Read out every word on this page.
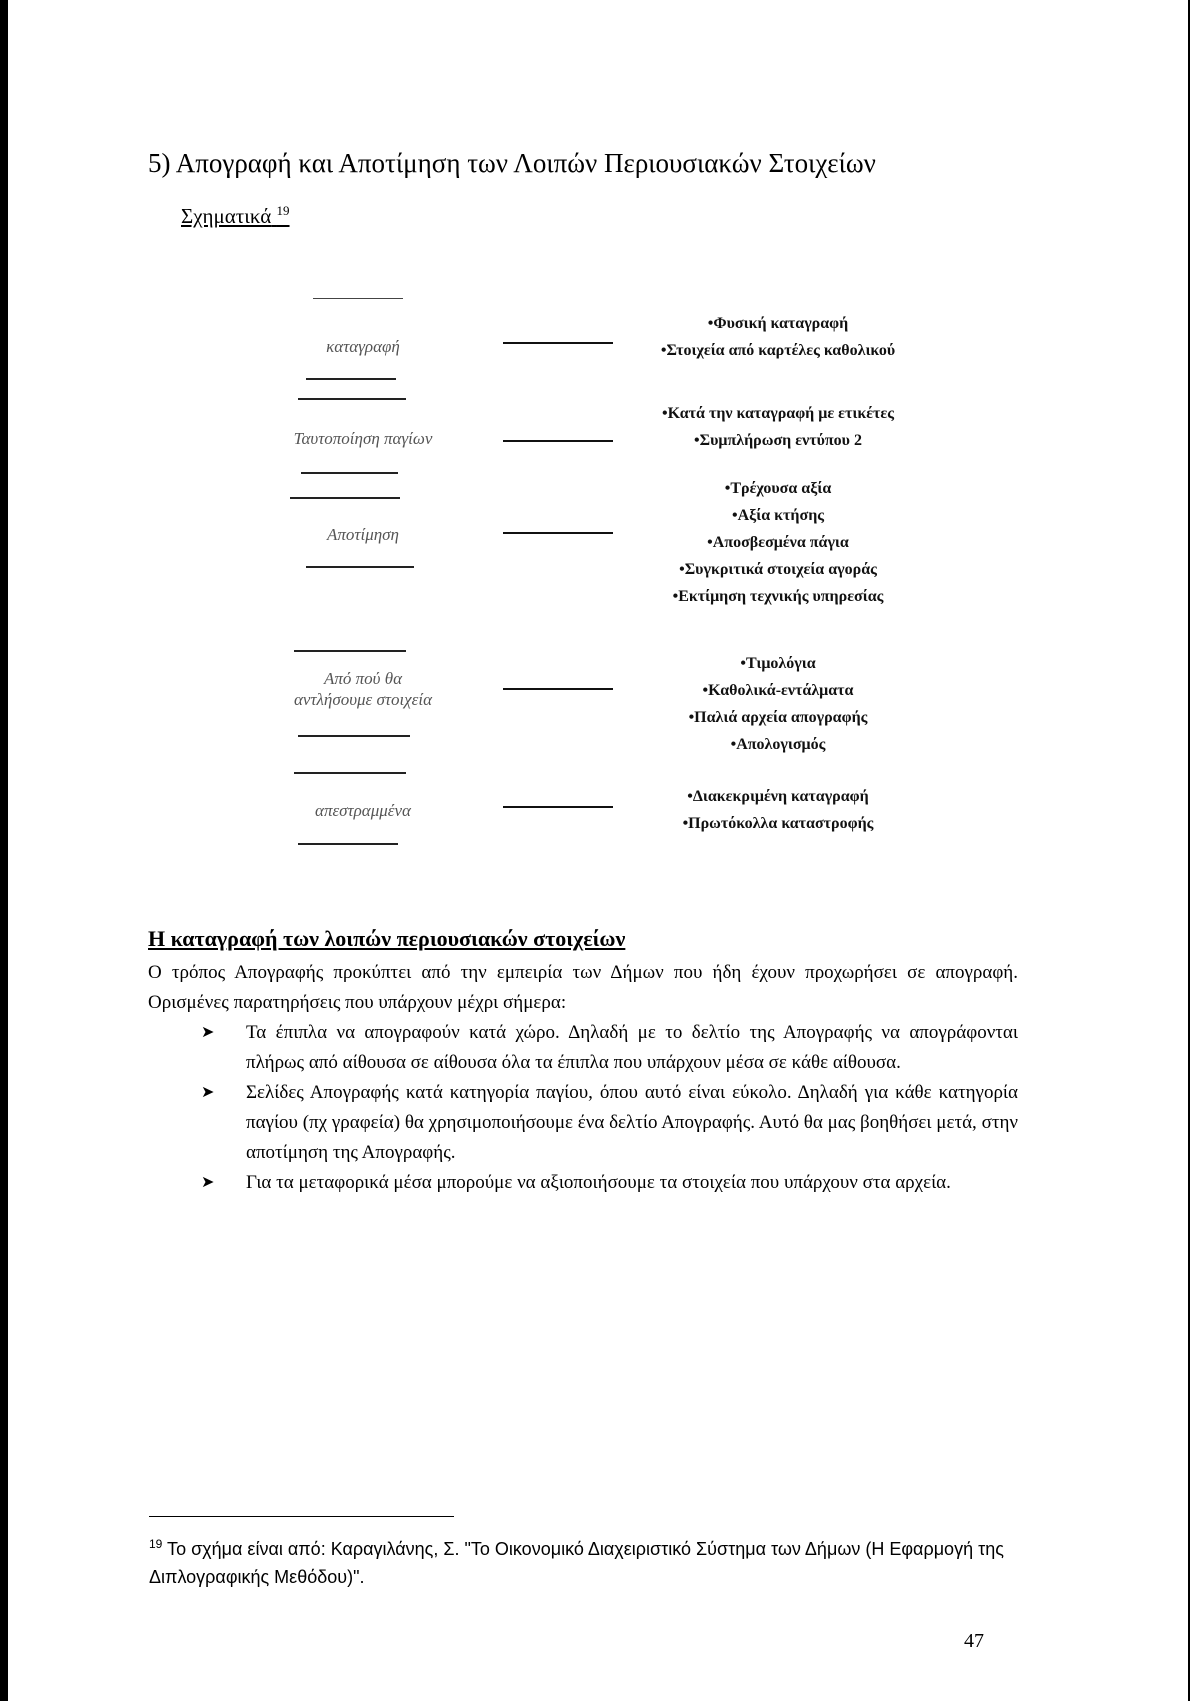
5) Απογραφή και Αποτίμηση των Λοιπών Περιουσιακών Στοιχείων
Σχηματικά $^{19}$
καταγραφή
Ταυτοποίηση παγίων
Αποτίμηση
Από πού θα
αντλήσουμε στοιχεία
απεστραμμένα
•Φυσική καταγραφή
•Στοιχεία από καρτέλες καθολικού
•Κατά την καταγραφή με ετικέτες
•Συμπλήρωση εντύπου 2
•Τρέχουσα αξία
•Αξία κτήσης
•Αποσβεσμένα πάγια
•Συγκριτικά στοιχεία αγοράς
•Εκτίμηση τεχνικής υπηρεσίας
•Τιμολόγια
•Καθολικά-εντάλματα
•Παλιά αρχεία απογραφής
•Απολογισμός
•Διακεκριμένη καταγραφή
•Πρωτόκολλα καταστροφής
Η καταγραφή των λοιπών περιουσιακών στοιχείων

Ο τρόπος Απογραφής προκύπτει από την εμπειρία των Δήμων που ήδη έχουν προχωρήσει σε απογραφή. Ορισμένες παρατηρήσεις που υπάρχουν μέχρι σήμερα:

➤ Τα έπιπλα να απογραφούν κατά χώρο. Δηλαδή με το δελτίο της Απογραφής να απογράφονται πλήρως από αίθουσα σε αίθουσα όλα τα έπιπλα που υπάρχουν μέσα σε κάθε αίθουσα.
➤ Σελίδες Απογραφής κατά κατηγορία παγίου, όπου αυτό είναι εύκολο. Δηλαδή για κάθε κατηγορία παγίου (πχ γραφεία) θα χρησιμοποιήσουμε ένα δελτίο Απογραφής. Αυτό θα μας βοηθήσει μετά, στην αποτίμηση της Απογραφής.
➤ Για τα μεταφορικά μέσα μπορούμε να αξιοποιήσουμε τα στοιχεία που υπάρχουν στα αρχεία.
$^{19}$ Το σχήμα είναι από: Καραγιλάνης, Σ. "Το Οικονομικό Διαχειριστικό Σύστημα των Δήμων (Η Εφαρμογή της Διπλογραφικής Μεθόδου)".
47
